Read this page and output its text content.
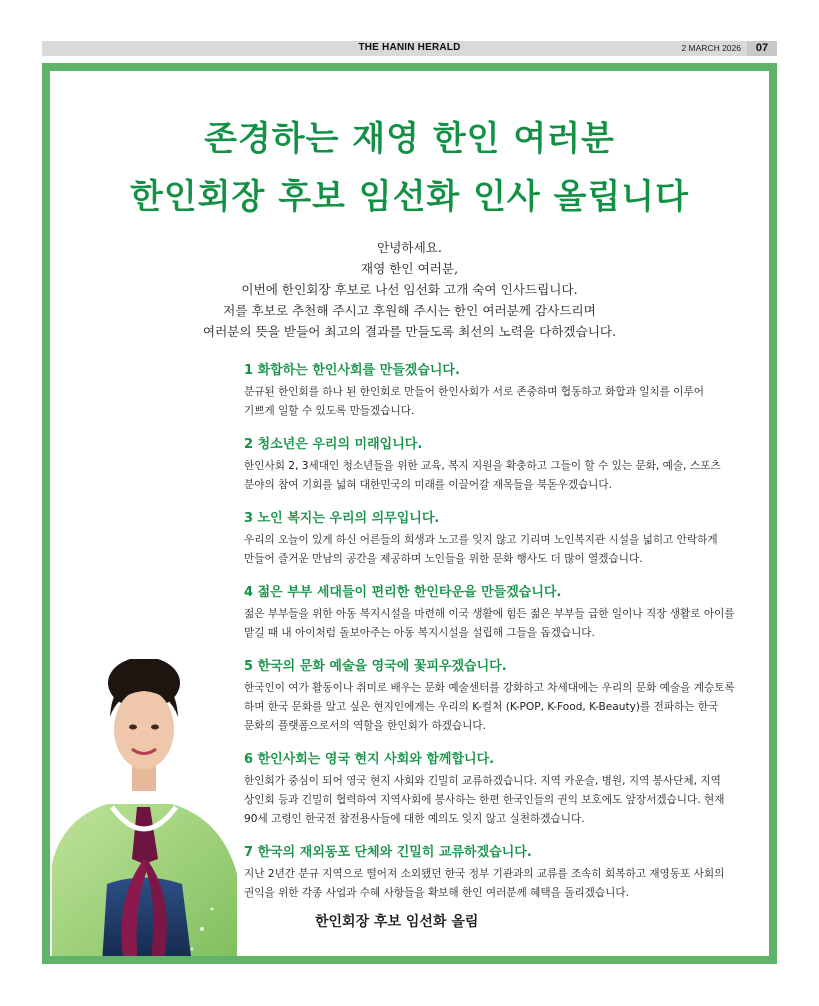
THE HANIN HERALD	2 MARCH 2026	07
존경하는 재영 한인 여러분
한인회장 후보 임선화 인사 올립니다
안녕하세요.
재영 한인 여러분,
이번에 한인회장 후보로 나선 임선화 고개 숙여 인사드립니다.
저를 후보로 추천해 주시고 후원해 주시는 한인 여러분께 감사드리며
여러분의 뜻을 받들어 최고의 결과를 만들도록 최선의 노력을 다하겠습니다.
1 화합하는 한인사회를 만들겠습니다.
분규된 한인회를 하나 된 한인회로 만들어 한인사회가 서로 존중하며 협동하고 화합과 일치를 이루어
기쁘게 일할 수 있도록 만들겠습니다.
2 청소년은 우리의 미래입니다.
한인사회 2, 3세대인 청소년들을 위한 교육, 복지 지원을 확충하고 그들이 할 수 있는 문화, 예술, 스포츠
분야의 참여 기회를 넓혀 대한민국의 미래를 이끌어갈 재목들을 북돋우겠습니다.
3 노인 복지는 우리의 의무입니다.
우리의 오늘이 있게 하신 어른들의 희생과 노고를 잊지 않고 기리며 노인복지관 시설을 넓히고 안락하게
만들어 즐거운 만남의 공간을 제공하며 노인들을 위한 문화 행사도 더 많이 열겠습니다.
4 젊은 부부 세대들이 편리한 한인타운을 만들겠습니다.
젊은 부부들을 위한 아동 복지시설을 마련해 이국 생활에 힘든 젊은 부부들 급한 일이나 직장 생활로 아이를
맡길 때 내 아이처럼 돌보아주는 아동 복지시설을 설립해 그들을 돕겠습니다.
5 한국의 문화 예술을 영국에 꽃피우겠습니다.
한국인이 여가 활동이나 취미로 배우는 문화 예술센터를 강화하고 차세대에는 우리의 문화 예술을 계승토록
하며 한국 문화를 알고 싶은 현지인에게는 우리의 K-컬처 (K-POP, K-Food, K-Beauty)를 전파하는 한국
문화의 플랫폼으로서의 역할을 한인회가 하겠습니다.
6 한인사회는 영국 현지 사회와 함께합니다.
한인회가 중심이 되어 영국 현지 사회와 긴밀히 교류하겠습니다. 지역 카운슬, 병원, 지역 봉사단체, 지역
상인회 등과 긴밀히 협력하여 지역사회에 봉사하는 한편 한국인들의 권익 보호에도 앞장서겠습니다. 현재
90세 고령인 한국전 참전용사들에 대한 예의도 잊지 않고 실천하겠습니다.
7 한국의 재외동포 단체와 긴밀히 교류하겠습니다.
지난 2년간 분규 지역으로 떨어져 소외됐던 한국 정부 기관과의 교류를 조속히 회복하고 재영동포 사회의
권익을 위한 각종 사업과 수혜 사항들을 확보해 한인 여러분께 혜택을 돌리겠습니다.
한인회장 후보 임선화 올림
